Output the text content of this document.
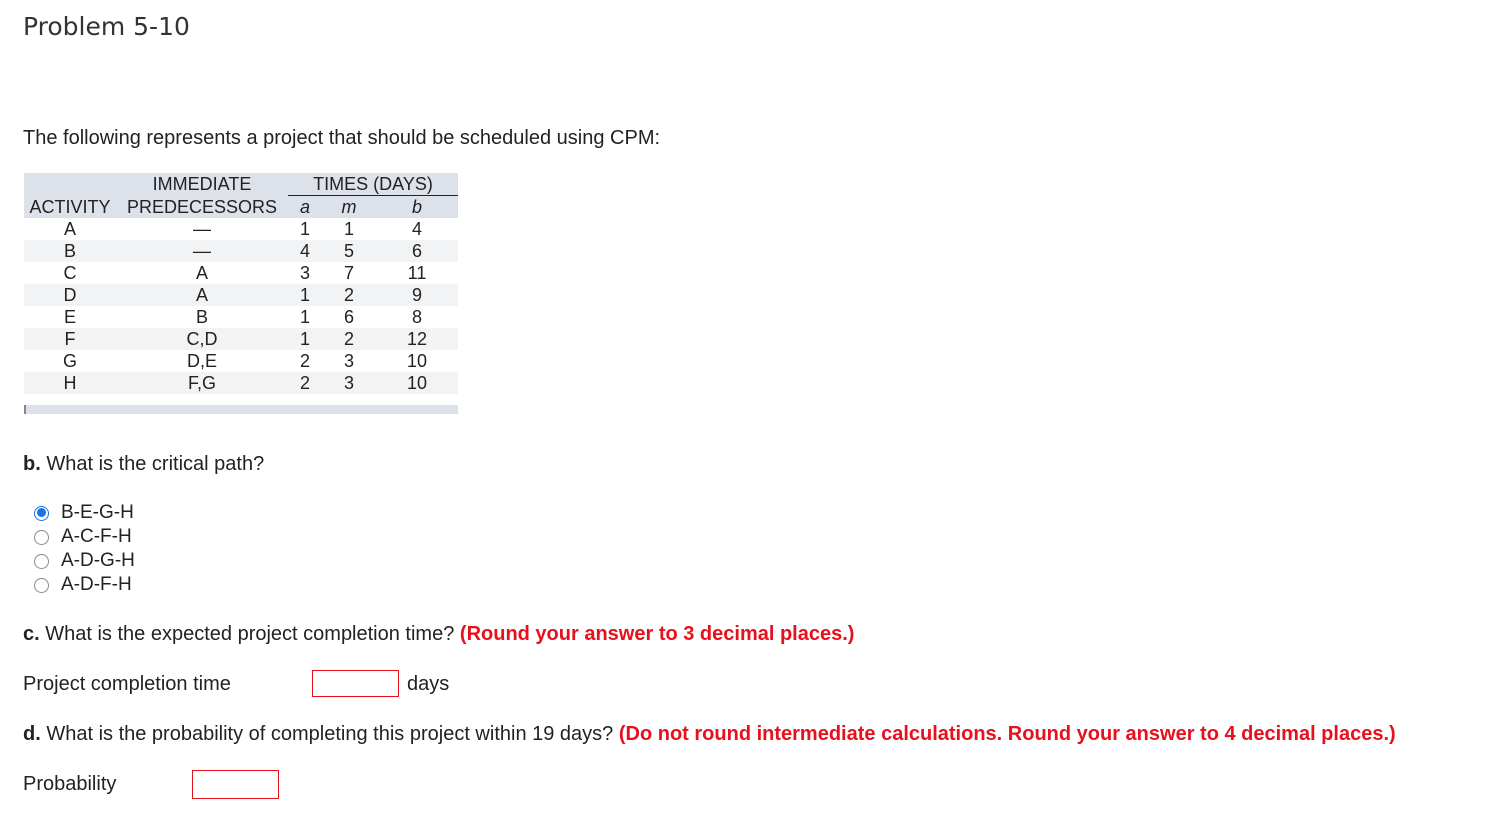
Problem 5-10
The following represents a project that should be scheduled using CPM:
	IMMEDIATE	TIMES (DAYS)		
ACTIVITY	PREDECESSORS	a	m	b
A	—	1	1	4
B	—	4	5	6
C	A	3	7	11
D	A	1	2	9
E	B	1	6	8
F	C,D	1	2	12
G	D,E	2	3	10
H	F,G	2	3	10
b. What is the critical path?
B-E-G-H
A-C-F-H
A-D-G-H
A-D-F-H
c. What is the expected project completion time? (Round your answer to 3 decimal places.)
Project completion time	days
d. What is the probability of completing this project within 19 days? (Do not round intermediate calculations. Round your answer to 4 decimal places.)
Probability
